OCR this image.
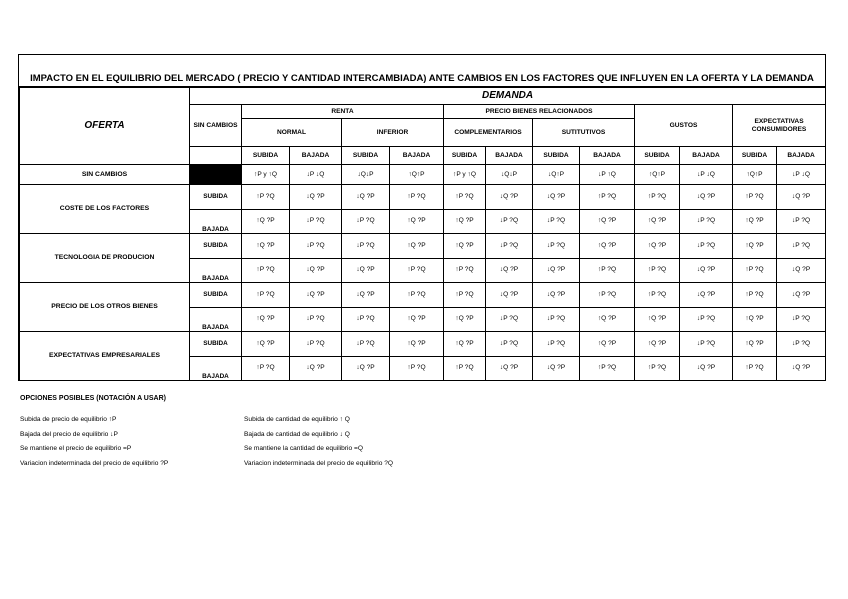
IMPACTO EN EL EQUILIBRIO DEL MERCADO ( PRECIO Y CANTIDAD INTERCAMBIADA) ANTE CAMBIOS EN LOS FACTORES QUE INFLUYEN EN LA OFERTA Y LA DEMANDA
OFERTA	DEMANDA												
	SIN CAMBIOS	RENTA				PRECIO BIENES RELACIONADOS				GUSTOS		EXPECTATIVAS CONSUMIDORES	
		NORMAL		INFERIOR		COMPLEMENTARIOS		SUTITUTIVOS					
		SUBIDA	BAJADA	SUBIDA	BAJADA	SUBIDA	BAJADA	SUBIDA	BAJADA	SUBIDA	BAJADA	SUBIDA	BAJADA
SIN CAMBIOS		↑P y ↑Q	↓P ↓Q	↓Q↓P	↑Q↑P	↑P y ↑Q	↓Q↓P	↓Q↑P	↓P ↑Q	↑Q↑P	↓P ↓Q	↑Q↑P	↓P ↓Q
COSTE DE LOS FACTORES	SUBIDA	↑P ?Q	↓Q ?P	↓Q ?P	↑P ?Q	↑P ?Q	↓Q ?P	↓Q ?P	↑P ?Q	↑P ?Q	↓Q ?P	↑P ?Q	↓Q ?P
	BAJADA	↑Q ?P	↓P ?Q	↓P ?Q	↑Q ?P	↑Q ?P	↓P ?Q	↓P ?Q	↑Q ?P	↑Q ?P	↓P ?Q	↑Q ?P	↓P ?Q
TECNOLOGIA DE PRODUCION	SUBIDA	↑Q ?P	↓P ?Q	↓P ?Q	↑Q ?P	↑Q ?P	↓P ?Q	↓P ?Q	↑Q ?P	↑Q ?P	↓P ?Q	↑Q ?P	↓P ?Q
	BAJADA	↑P ?Q	↓Q ?P	↓Q ?P	↑P ?Q	↑P ?Q	↓Q ?P	↓Q ?P	↑P ?Q	↑P ?Q	↓Q ?P	↑P ?Q	↓Q ?P
PRECIO DE LOS OTROS BIENES	SUBIDA	↑P ?Q	↓Q ?P	↓Q ?P	↑P ?Q	↑P ?Q	↓Q ?P	↓Q ?P	↑P ?Q	↑P ?Q	↓Q ?P	↑P ?Q	↓Q ?P
	BAJADA	↑Q ?P	↓P ?Q	↓P ?Q	↑Q ?P	↑Q ?P	↓P ?Q	↓P ?Q	↑Q ?P	↑Q ?P	↓P ?Q	↑Q ?P	↓P ?Q
EXPECTATIVAS EMPRESARIALES	SUBIDA	↑Q ?P	↓P ?Q	↓P ?Q	↑Q ?P	↑Q ?P	↓P ?Q	↓P ?Q	↑Q ?P	↑Q ?P	↓P ?Q	↑Q ?P	↓P ?Q
	BAJADA	↑P ?Q	↓Q ?P	↓Q ?P	↑P ?Q	↑P ?Q	↓Q ?P	↓Q ?P	↑P ?Q	↑P ?Q	↓Q ?P	↑P ?Q	↓Q ?P
OPCIONES POSIBLES (NOTACIÓN A USAR)
Subida de precio de equilibrio ↑P
Bajada del precio de equilibrio ↓P
Se mantiene el precio de equilibrio =P
Variacion indeterminada del precio de equilibrio ?P
Subida de cantidad de equilibrio ↑ Q
Bajada de cantidad de equilibrio ↓ Q
Se mantiene la cantidad de equilibrio =Q
Variacion indeterminada del precio de equilibrio ?Q
